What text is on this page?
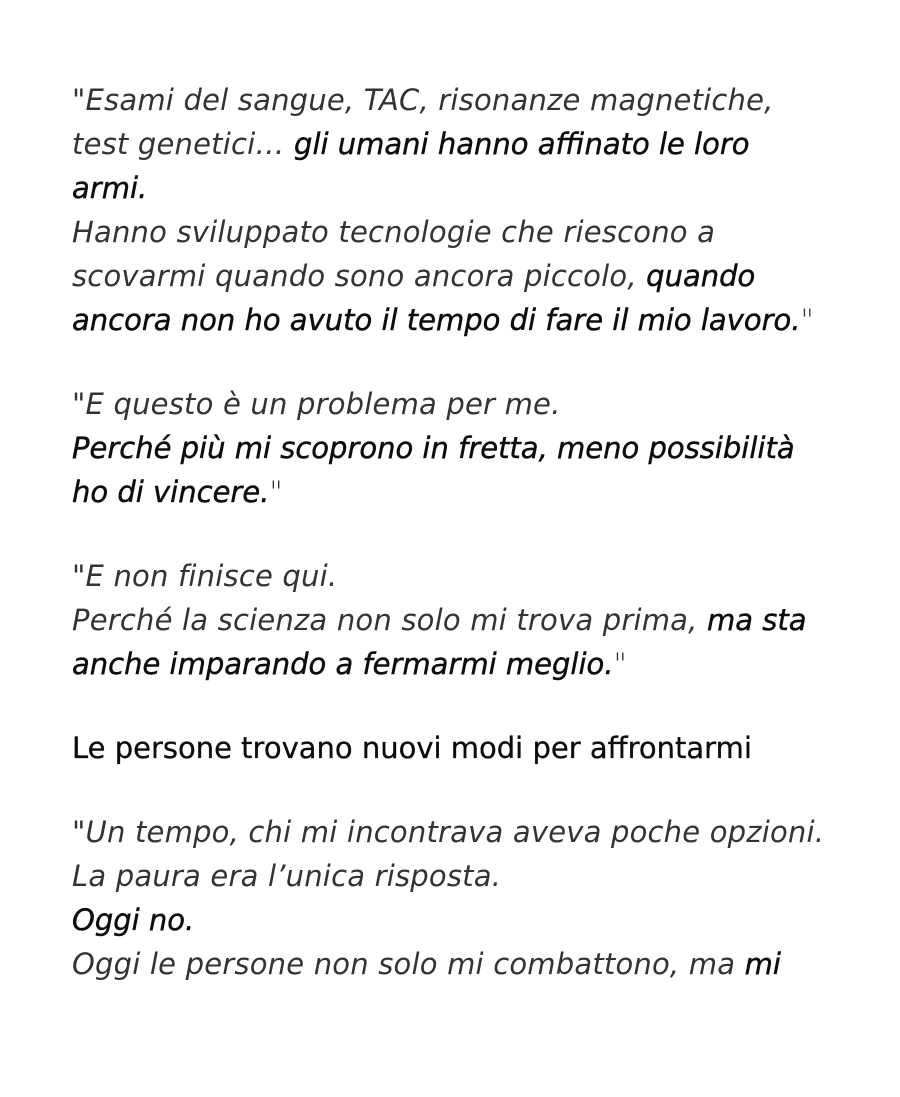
"Esami del sangue, TAC, risonanze magnetiche,
test genetici… gli umani hanno affinato le loro
armi.
Hanno sviluppato tecnologie che riescono a
scovarmi quando sono ancora piccolo, quando
ancora non ho avuto il tempo di fare il mio lavoro."
"E questo è un problema per me.
Perché più mi scoprono in fretta, meno possibilità
ho di vincere."
"E non finisce qui.
Perché la scienza non solo mi trova prima, ma sta
anche imparando a fermarmi meglio."
Le persone trovano nuovi modi per affrontarmi
"Un tempo, chi mi incontrava aveva poche opzioni.
La paura era l’unica risposta.
Oggi no.
Oggi le persone non solo mi combattono, ma mi
